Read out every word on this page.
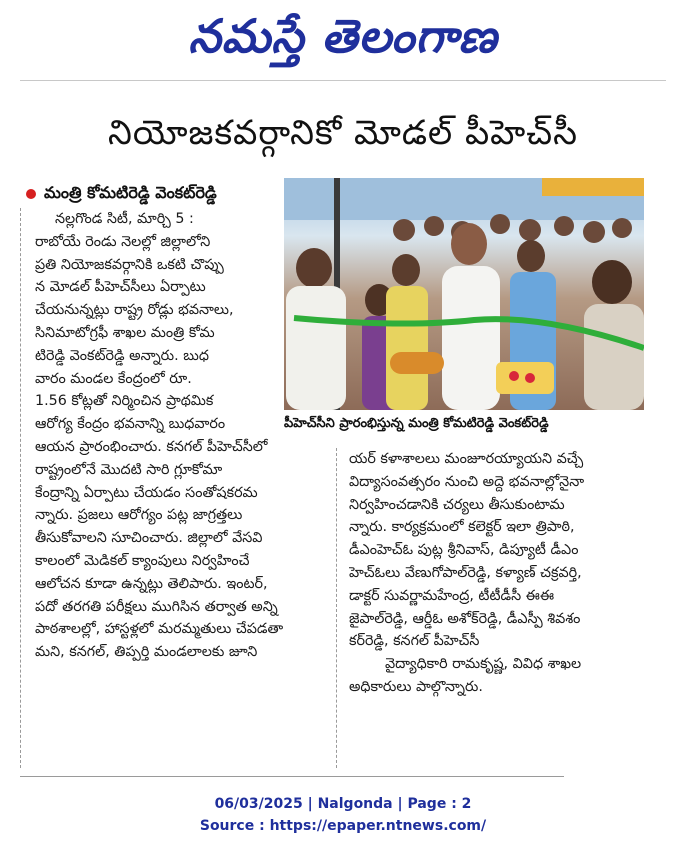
నమస్తే తెలంగాణ
నియోజకవర్గానికో మోడల్ పీహెచ్‌సీ
మంత్రి కోమటిరెడ్డి వెంకట్‌రెడ్డి
పీహెచ్‌సీని ప్రారంభిస్తున్న మంత్రి కోమటిరెడ్డి వెంకట్‌రెడ్డి

నల్లగొండ సిటీ, మార్చి 5 :
రాబోయే రెండు నెలల్లో జిల్లాలోని
ప్రతి నియోజకవర్గానికి ఒకటి చొప్పు
న మోడల్ పీహెచ్‌సీలు ఏర్పాటు
చేయనున్నట్లు రాష్ట్ర రోడ్లు భవనాలు,
సినిమాటోగ్రఫీ శాఖల మంత్రి కోమ
టిరెడ్డి వెంకట్‌రెడ్డి అన్నారు. బుధ
వారం మండల కేంద్రంలో రూ.
1.56 కోట్లతో నిర్మించిన ప్రాథమిక
ఆరోగ్య కేంద్రం భవనాన్ని బుధవారం
ఆయన ప్రారంభించారు. కనగల్ పీహెచ్‌సీలో
రాష్ట్రంలోనే మొదటి సారి గ్లూకోమా
కేంద్రాన్ని ఏర్పాటు చేయడం సంతోషకరమ
న్నారు. ప్రజలు ఆరోగ్యం పట్ల జాగ్రత్తలు
తీసుకోవాలని సూచించారు. జిల్లాలో వేసవి
కాలంలో మెడికల్ క్యాంపులు నిర్వహించే
ఆలోచన కూడా ఉన్నట్లు తెలిపారు. ఇంటర్,
పదో తరగతి పరీక్షలు ముగిసిన తర్వాత అన్ని
పాఠశాలల్లో, హాస్టళ్లలో మరమ్మతులు చేపడతా
మని, కనగల్, తిప్పర్తి మండలాలకు జూని

యర్ కళాశాలలు మంజూరయ్యాయని వచ్చే
విద్యాసంవత్సరం నుంచి అద్దె భవనాల్లోనైనా
నిర్వహించడానికి చర్యలు తీసుకుంటామ
న్నారు. కార్యక్రమంలో కలెక్టర్ ఇలా త్రిపాఠి,
డీఎంహెచ్‌ఓ పుట్ల శ్రీనివాస్, డిప్యూటీ డీఎం
హెచ్‌ఓలు వేణుగోపాల్‌రెడ్డి, కళ్యాణ్ చక్రవర్తి,
డాక్టర్ సువర్ణామహేంద్ర, టీటీడీసీ ఈఈ
జైపాల్‌రెడ్డి, ఆర్డీఓ అశోక్‌రెడ్డి, డీఎస్పీ శివశం
కర్‌రెడ్డి, కనగల్ పీహెచ్‌సీ
వైద్యాధికారి రామకృష్ణ, వివిధ శాఖల
అధికారులు పాల్గొన్నారు.

06/03/2025 | Nalgonda | Page : 2
Source : https://epaper.ntnews.com/
